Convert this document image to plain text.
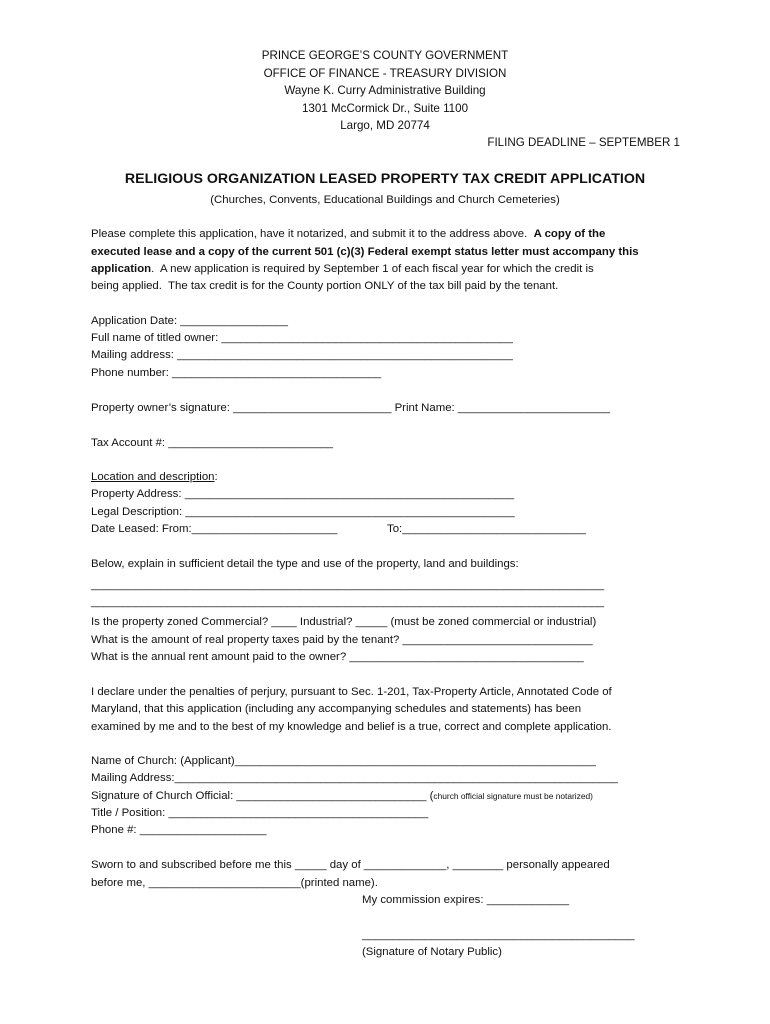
PRINCE GEORGE’S COUNTY GOVERNMENT
OFFICE OF FINANCE - TREASURY DIVISION
Wayne K. Curry Administrative Building
1301 McCormick Dr., Suite 1100
Largo, MD 20774
FILING DEADLINE – SEPTEMBER 1
RELIGIOUS ORGANIZATION LEASED PROPERTY TAX CREDIT APPLICATION
(Churches, Convents, Educational Buildings and Church Cemeteries)
Please complete this application, have it notarized, and submit it to the address above.  A copy of the
executed lease and a copy of the current 501 (c)(3) Federal exempt status letter must accompany this
application.  A new application is required by September 1 of each fiscal year for which the credit is
being applied.  The tax credit is for the County portion ONLY of the tax bill paid by the tenant.
Application Date: _________________
Full name of titled owner: ______________________________________________
Mailing address: _____________________________________________________
Phone number: _________________________________
Property owner’s signature: _________________________ Print Name: ________________________
Tax Account #: __________________________
Location and description:
Property Address: ____________________________________________________
Legal Description: ____________________________________________________
Date Leased: From:_______________________	To:_____________________________
Below, explain in sufficient detail the type and use of the property, land and buildings:
_________________________________________________________________________________
_________________________________________________________________________________
Is the property zoned Commercial? ____ Industrial? _____ (must be zoned commercial or industrial)
What is the amount of real property taxes paid by the tenant? ______________________________
What is the annual rent amount paid to the owner? _____________________________________
I declare under the penalties of perjury, pursuant to Sec. 1-201, Tax-Property Article, Annotated Code of
Maryland, that this application (including any accompanying schedules and statements) has been
examined by me and to the best of my knowledge and belief is a true, correct and complete application.
Name of Church: (Applicant)_________________________________________________________
Mailing Address:______________________________________________________________________
Signature of Church Official: ______________________________ (church official signature must be notarized)
Title / Position: _________________________________________
Phone #: ____________________
Sworn to and subscribed before me this _____ day of _____________, ________ personally appeared
before me, ________________________(printed name).
My commission expires: _____________
___________________________________________
(Signature of Notary Public)
